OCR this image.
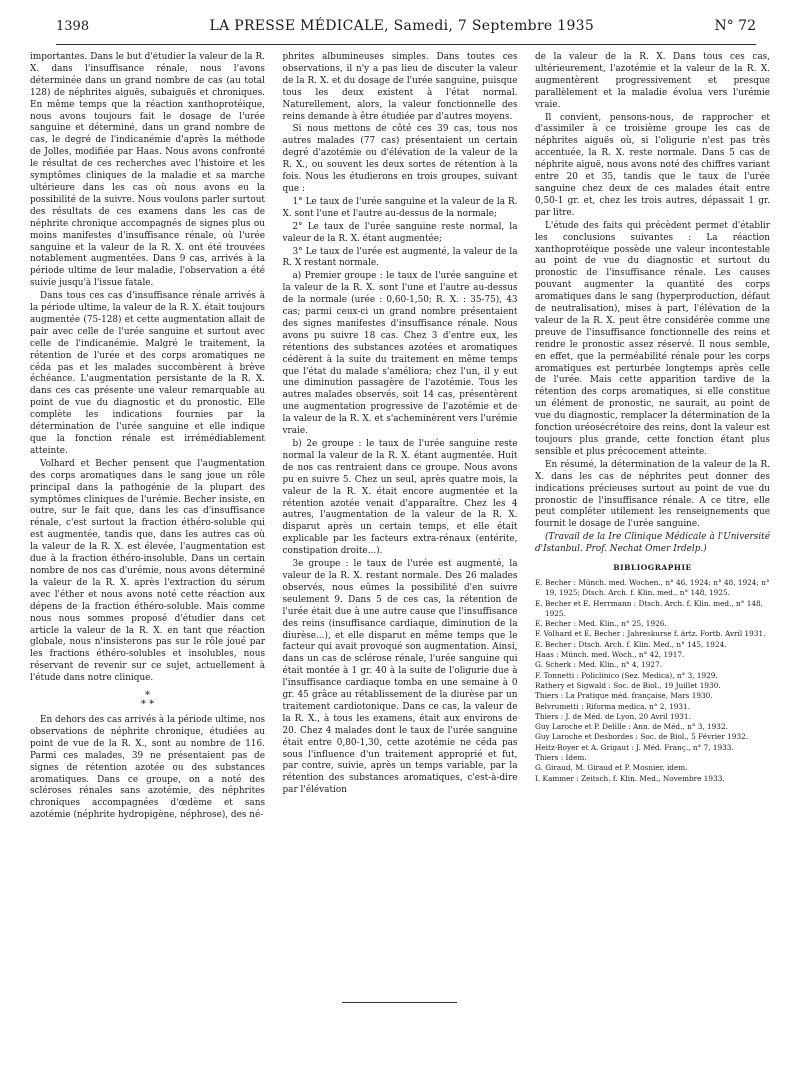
1398	LA PRESSE MÉDICALE, Samedi, 7 Septembre 1935	N° 72

importantes. Dans le but d'étudier la valeur de la R. X. dans l'insuffisance rénale, nous l'avons déterminée dans un grand nombre de cas (au total 128) de néphrites aiguës, subaiguës et chroniques. En même temps que la réaction xanthoprotéique, nous avons toujours fait le dosage de l'urée sanguine et déterminé, dans un grand nombre de cas, le degré de l'indicanémie d'après la méthode de Jolles, modifiée par Haas. Nous avons confronté le résultat de ces recherches avec l'histoire et les symptômes cliniques de la maladie et sa marche ultérieure dans les cas où nous avons eu la possibilité de la suivre. Nous voulons parler surtout des résultats de ces examens dans les cas de néphrite chronique accompagnés de signes plus ou moins manifestes d'insuffisance rénale, où l'urée sanguine et la valeur de la R. X. ont été trouvées notablement augmentées. Dans 9 cas, arrivés à la période ultime de leur maladie, l'observation a été suivie jusqu'à l'issue fatale.

Dans tous ces cas d'insuffisance rénale arrivés à la période ultime, la valeur de la R. X. était toujours augmentée (75-128) et cette augmentation allait de pair avec celle de l'urée sanguine et surtout avec celle de l'indicanémie. Malgré le traitement, la rétention de l'urée et des corps aromatiques ne céda pas et les malades succombèrent à brève échéance. L'augmentation persistante de la R. X. dans ces cas présente une valeur remarquable au point de vue du diagnostic et du pronostic. Elle complète les indications fournies par la détermination de l'urée sanguine et elle indique que la fonction rénale est irrémédiablement atteinte.

Volhard et Becher pensent que l'augmentation des corps aromatiques dans le sang joue un rôle principal dans la pathogénie de la plupart des symptômes cliniques de l'urémie. Becher insiste, en outre, sur le fait que, dans les cas d'insuffisance rénale, c'est surtout la fraction éthéro-soluble qui est augmentée, tandis que, dans les autres cas où la valeur de la R. X. est élevée, l'augmentation est due à la fraction éthéro-insoluble. Dans un certain nombre de nos cas d'urémie, nous avons déterminé la valeur de la R. X. après l'extraction du sérum avec l'éther et nous avons noté cette réaction aux dépens de la fraction éthéro-soluble. Mais comme nous nous sommes proposé d'étudier dans cet article la valeur de la R. X. en tant que réaction globale, nous n'insisterons pas sur le rôle joué par les fractions éthéro-solubles et insolubles, nous réservant de revenir sur ce sujet, actuellement à l'étude dans notre clinique.

*
* *

En dehors des cas arrivés à la période ultime, nos observations de néphrite chronique, étudiées au point de vue de la R. X., sont au nombre de 116. Parmi ces malades, 39 ne présentaient pas de signes de rétention azotée ou des substances aromatiques. Dans ce groupe, on a noté des scléroses rénales sans azotémie, des néphrites chroniques accompagnées d'œdème et sans azotémie (néphrite hydropigène, néphrose), des né-

phrites albumineuses simples. Dans toutes ces observations, il n'y a pas lieu de discuter la valeur de la R. X. et du dosage de l'urée sanguine, puisque tous les deux existent à l'état normal. Naturellement, alors, la valeur fonctionnelle des reins demande à être étudiée par d'autres moyens.

Si nous mettons de côté ces 39 cas, tous nos autres malades (77 cas) présentaient un certain degré d'azotémie ou d'élévation de la valeur de la R. X., ou souvent les deux sortes de rétention à la fois. Nous les étudierons en trois groupes, suivant que :

1° Le taux de l'urée sanguine et la valeur de la R. X. sont l'une et l'autre au-dessus de la normale;

2° Le taux de l'urée sanguine reste normal, la valeur de la R. X. étant augmentée;

3° Le taux de l'urée est augmenté, la valeur de la R. X restant normale.

a) Premier groupe : le taux de l'urée sanguine et la valeur de la R. X. sont l'une et l'autre au-dessus de la normale (urée : 0,60-1,50; R. X. : 35-75), 43 cas; parmi ceux-ci un grand nombre présentaient des signes manifestes d'insuffisance rénale. Nous avons pu suivre 18 cas. Chez 3 d'entre eux, les rétentions des substances azotées et aromatiques cédèrent à la suite du traitement en même temps que l'état du malade s'améliora; chez l'un, il y eut une diminution passagère de l'azotémie. Tous les autres malades observés, soit 14 cas, présentèrent une augmentation progressive de l'azotémie et de la valeur de la R. X. et s'acheminèrent vers l'urémie vraie.

b) 2e groupe : le taux de l'urée sanguine reste normal la valeur de la R. X. étant augmentée. Huit de nos cas rentraient dans ce groupe. Nous avons pu en suivre 5. Chez un seul, après quatre mois, la valeur de la R. X. était encore augmentée et la rétention azotée venait d'apparaître. Chez les 4 autres, l'augmentation de la valeur de la R. X. disparut après un certain temps, et elle était explicable par les facteurs extra-rénaux (entérite, constipation droite...).

3e groupe : le taux de l'urée est augmenté, la valeur de la R. X. restant normale. Des 26 malades observés, nous eûmes la possibilité d'en suivre seulement 9. Dans 5 de ces cas, la rétention de l'urée était due à une autre cause que l'insuffisance des reins (insuffisance cardiaque, diminution de la diurèse...), et elle disparut en même temps que le facteur qui avait provoqué son augmentation. Ainsi, dans un cas de sclérose rénale, l'urée sanguine qui était montée à 1 gr. 40 à la suite de l'oligurie due à l'insuffisance cardiaque tomba en une semaine à 0 gr. 45 grâce au rétablissement de la diurèse par un traitement cardiotonique. Dans ce cas, la valeur de la R. X., à tous les examens, était aux environs de 20. Chez 4 malades dont le taux de l'urée sanguine était entre 0,80-1,30, cette azotémie ne céda pas sous l'influence d'un traitement approprié et fut, par contre, suivie, après un temps variable, par la rétention des substances aromatiques, c'est-à-dire par l'élévation

de la valeur de la R. X. Dans tous ces cas, ultérieurement, l'azotémie et la valeur de la R. X. augmentèrent progressivement et presque parallèlement et la maladie évolua vers l'urémie vraie.

Il convient, pensons-nous, de rapprocher et d'assimiler à ce troisième groupe les cas de néphrites aiguës où, si l'oligurie n'est pas très accentuée, la R. X. reste normale. Dans 5 cas de néphrite aiguë, nous avons noté des chiffres variant entre 20 et 35, tandis que le taux de l'urée sanguine chez deux de ces malades était entre 0,50-1 gr. et, chez les trois autres, dépassait 1 gr. par litre.

L'étude des faits qui précèdent permet d'établir les conclusions suivantes : La réaction xanthoprotéique possède une valeur incontestable au point de vue du diagnostic et surtout du pronostic de l'insuffisance rénale. Les causes pouvant augmenter la quantité des corps aromatiques dans le sang (hyperproduction, défaut de neutralisation), mises à part, l'élévation de la valeur de la R. X. peut être considérée comme une preuve de l'insuffisance fonctionnelle des reins et rendre le pronostic assez réservé. Il nous semble, en effet, que la perméabilité rénale pour les corps aromatiques est perturbée longtemps après celle de l'urée. Mais cette apparition tardive de la rétention des corps aromatiques, si elle constitue un élément de pronostic, ne saurait, au point de vue du diagnostic, remplacer la détermination de la fonction uréosécrétoire des reins, dont la valeur est toujours plus grande, cette fonction étant plus sensible et plus précocement atteinte.

En résumé, la détermination de la valeur de la R. X. dans les cas de néphrites peut donner des indications précieuses surtout au point de vue du pronostic de l'insuffisance rénale. A ce titre, elle peut compléter utilement les renseignements que fournit le dosage de l'urée sanguine.

(Travail de la Ire Clinique Médicale à l'Université d'Istanbul. Prof. Nechat Omer Irdelp.)

BIBLIOGRAPHIE
E. Becher : Münch. med. Wochen., n° 46, 1924; n° 48, 1924; n° 19, 1925; Dtsch. Arch. f. Klin. med., n° 148, 1925.
E. Becher et E. Herrmann : Dtsch. Arch. f. Klin. med., n° 148, 1925.
E. Becher : Med. Klin., n° 25, 1926.
F. Volhard et E. Becher : Jahreskurse f. ärtz. Fortb. Avril 1931.
E. Becher : Dtsch. Arch. f. Klin. Med., n° 145, 1924.
Haas : Münch. med. Woch., n° 42, 1917.
G. Scherk : Med. Klin., n° 4, 1927.
F. Tonnetti : Policlinico (Sez. Medica), n° 3, 1929.
Rathery et Sigwald : Soc. de Biol., 19 Juillet 1930.
Thiers : La Pratique méd. française, Mars 1930.
Belvrumetti : Riforma medica, n° 2, 1931.
Thiers : J. de Méd. de Lyon, 20 Avril 1931.
Guy Laroche et P. Delille : Ann. de Méd., n° 3, 1932.
Guy Laroche et Desbordes : Soc. de Biol., 5 Février 1932.
Heitz-Boyer et A. Grigaut : J. Méd. Franç., n° 7, 1933.
Thiers : Idem.
G. Giraud, M. Giraud et P. Mosnier, idem.
I. Kammer : Zeitsch. f. Klin. Med., Novembre 1933.
